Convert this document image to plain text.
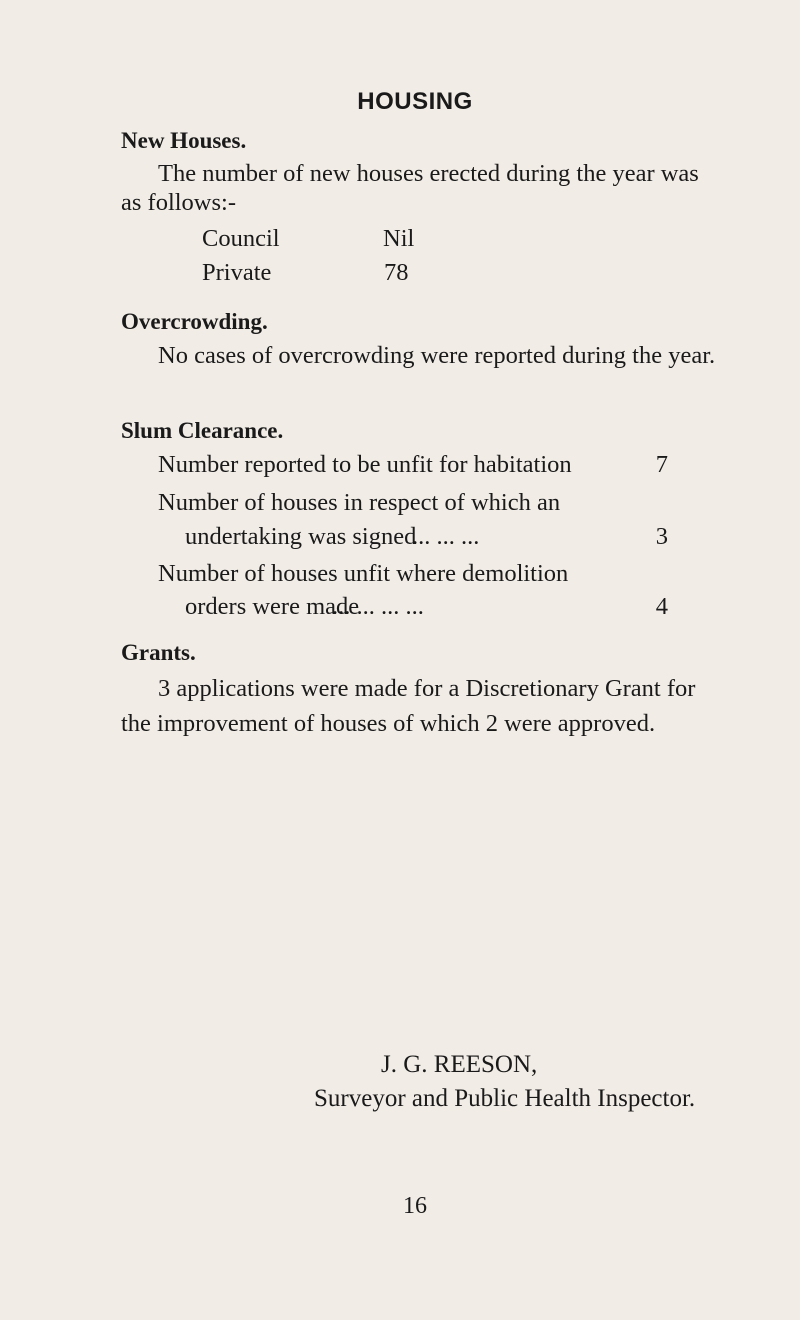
HOUSING
New Houses.
The number of new houses erected during the year was
as follows:-
Council	Nil
Private	78
Overcrowding.
No cases of overcrowding were reported during the year.
Slum Clearance.
Number reported to be unfit for habitation	7
Number of houses in respect of which an
undertaking was signed
... ... ...	3
Number of houses unfit where demolition
orders were made
... ... ... ...	4
Grants.
3 applications were made for a Discretionary Grant for
the improvement of houses of which 2 were approved.
J. G. REESON,
Surveyor and Public Health Inspector.
16
